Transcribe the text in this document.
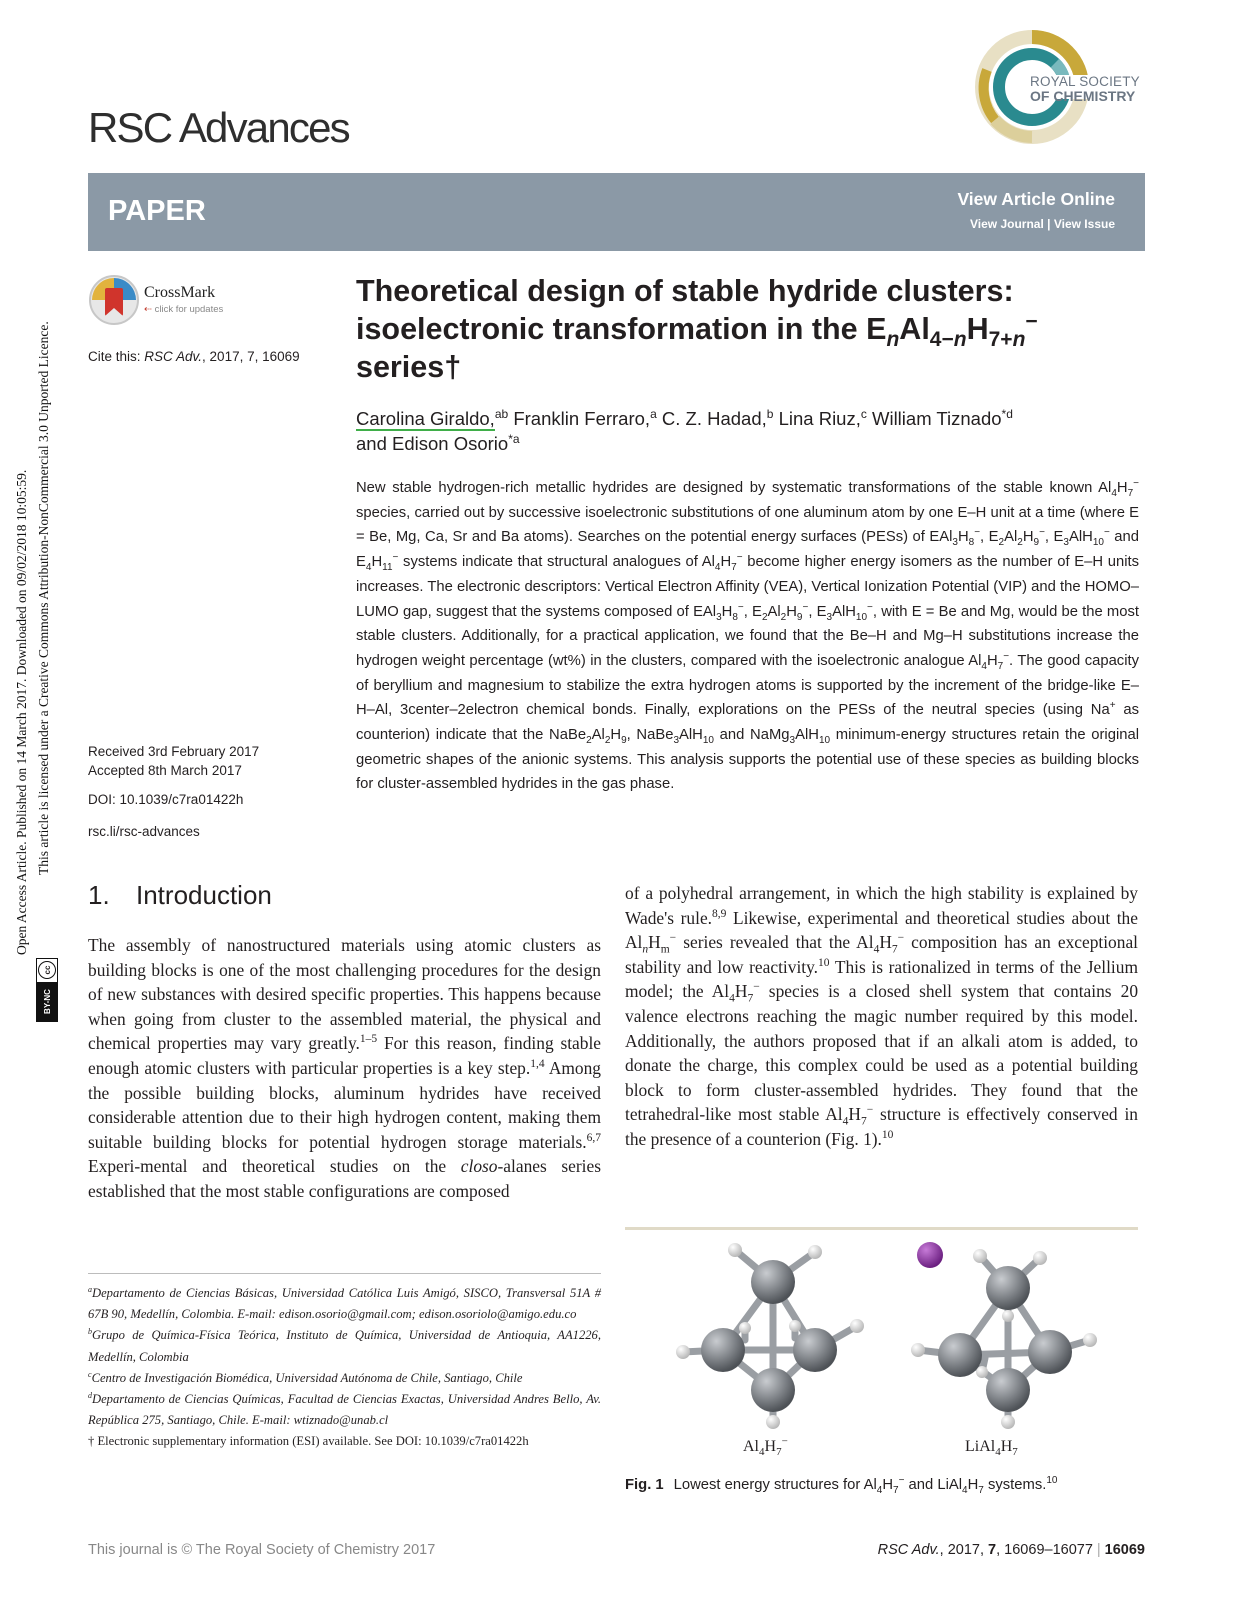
Open Access Article. Published on 14 March 2017. Downloaded on 09/02/2018 10:05:59. This article is licensed under a Creative Commons Attribution-NonCommercial 3.0 Unported Licence.
cc
BY-NC
RSC Advances
ROYAL SOCIETY
OF CHEMISTRY
PAPER	View Article Online
View Journal | View Issue
CrossMark
⇠ click for updates
Cite this: RSC Adv., 2017, 7, 16069
Received 3rd February 2017
Accepted 8th March 2017
DOI: 10.1039/c7ra01422h
rsc.li/rsc-advances
Theoretical design of stable hydride clusters:
isoelectronic transformation in the $E_nAl_{4-n}H_{7+n}^-$
series†
Carolina Giraldo,$^{ab}$ Franklin Ferraro,$^a$ C. Z. Hadad,$^b$ Lina Riuz,$^c$ William Tiznado$^{*d}$
and Edison Osorio$^{*a}$
New stable hydrogen-rich metallic hydrides are designed by systematic transformations of the stable known $Al_4H_7^-$ species, carried out by successive isoelectronic substitutions of one aluminum atom by one E–H unit at a time (where E = Be, Mg, Ca, Sr and Ba atoms). Searches on the potential energy surfaces (PESs) of $EAl_3H_8^-$, $E_2Al_2H_9^-$, $E_3AlH_{10}^-$ and $E_4H_{11}^-$ systems indicate that structural analogues of $Al_4H_7^-$ become higher energy isomers as the number of E–H units increases. The electronic descriptors: Vertical Electron Affinity (VEA), Vertical Ionization Potential (VIP) and the HOMO–LUMO gap, suggest that the systems composed of $EAl_3H_8^-$, $E_2Al_2H_9^-$, $E_3AlH_{10}^-$, with E = Be and Mg, would be the most stable clusters. Additionally, for a practical application, we found that the Be–H and Mg–H substitutions increase the hydrogen weight percentage (wt%) in the clusters, compared with the isoelectronic analogue $Al_4H_7^-$. The good capacity of beryllium and magnesium to stabilize the extra hydrogen atoms is supported by the increment of the bridge-like E–H–Al, 3center–2electron chemical bonds. Finally, explorations on the PESs of the neutral species (using Na+ as counterion) indicate that the $NaBe_2Al_2H_9$, NaBe$_3$AlH$_{10}$ and NaMg$_3$AlH$_{10}$ minimum-energy structures retain the original geometric shapes of the anionic systems. This analysis supports the potential use of these species as building blocks for cluster-assembled hydrides in the gas phase.
1. Introduction
The assembly of nanostructured materials using atomic clusters as building blocks is one of the most challenging procedures for the design of new substances with desired specific properties. This happens because when going from cluster to the assembled material, the physical and chemical properties may vary greatly.$^{1-5}$ For this reason, finding stable enough atomic clusters with particular properties is a key step.$^{1,4}$ Among the possible building blocks, aluminum hydrides have received considerable attention due to their high hydrogen content, making them suitable building blocks for potential hydrogen storage materials.$^{6,7}$ Experi-mental and theoretical studies on the closo-alanes series established that the most stable configurations are composed
of a polyhedral arrangement, in which the high stability is explained by Wade's rule.$^{8,9}$ Likewise, experimental and theoretical studies about the $Al_nH_m^-$ series revealed that the $Al_4H_7^-$ composition has an exceptional stability and low reactivity.$^{10}$ This is rationalized in terms of the Jellium model; the $Al_4H_7^-$ species is a closed shell system that contains 20 valence electrons reaching the magic number required by this model. Additionally, the authors proposed that if an alkali atom is added, to donate the charge, this complex could be used as a potential building block to form cluster-assembled hydrides. They found that the tetrahedral-like most stable $Al_4H_7^-$ structure is effectively conserved in the presence of a counterion (Fig. 1).$^{10}$

$^a$Departamento de Ciencias Básicas, Universidad Católica Luis Amigó, SISCO, Transversal 51A # 67B 90, Medellín, Colombia. E-mail: edison.osorio@gmail.com; edison.osoriolo@amigo.edu.co

$^b$Grupo de Química-Física Teórica, Instituto de Química, Universidad de Antioquia, AA1226, Medellín, Colombia

$^c$Centro de Investigación Biomédica, Universidad Autónoma de Chile, Santiago, Chile

$^d$Departamento de Ciencias Químicas, Facultad de Ciencias Exactas, Universidad Andres Bello, Av. República 275, Santiago, Chile. E-mail: wtiznado@unab.cl

† Electronic supplementary information (ESI) available. See DOI: 10.1039/c7ra01422h	$Al_4H_7^-$	$LiAl_4H_7$
Fig. 1 Lowest energy structures for $Al_4H_7^-$ and $LiAl_4H_7$ systems.$^{10}$
This journal is © The Royal Society of Chemistry 2017	RSC Adv., 2017, 7, 16069–16077 | 16069
